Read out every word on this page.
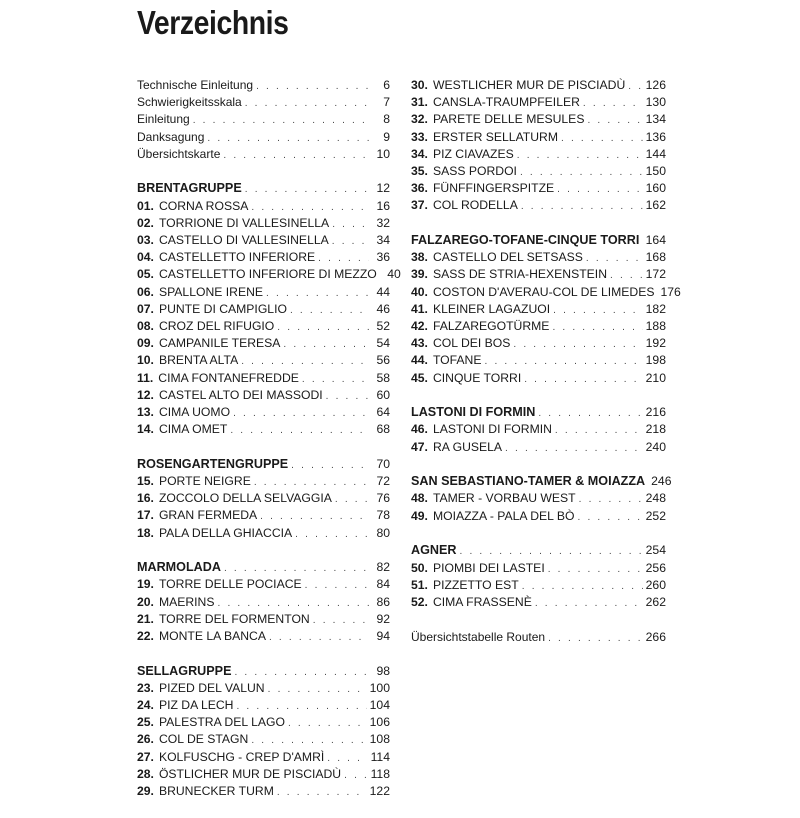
Verzeichnis
Technische Einleitung . . .	6
Schwierigkeitsskala . . .	7
Einleitung . . .	8
Danksagung . . .	9
Übersichtskarte . . .	10
BRENTAGRUPPE . . .	12
01. CORNA ROSSA . . .	16
02. TORRIONE DI VALLESINELLA . . .	32
03. CASTELLO DI VALLESINELLA . . .	34
04. CASTELLETTO INFERIORE . . .	36
05. CASTELLETTO INFERIORE DI MEZZO 40
06. SPALLONE IRENE . . .	44
07. PUNTE DI CAMPIGLIO . . .	46
08. CROZ DEL RIFUGIO . . .	52
09. CAMPANILE TERESA . . .	54
10. BRENTA ALTA . . .	56
11. CIMA FONTANEFREDDE . . .	58
12. CASTEL ALTO DEI MASSODI . . .	60
13. CIMA UOMO . . .	64
14. CIMA OMET . . .	68
ROSENGARTENGRUPPE . . .	70
15. PORTE NEIGRE . . .	72
16. ZOCCOLO DELLA SELVAGGIA . . .	76
17. GRAN FERMEDA . . .	78
18. PALA DELLA GHIACCIA . . .	80
MARMOLADA . . .	82
19. TORRE DELLE POCIACE . . .	84
20. MAERINS . . .	86
21. TORRE DEL FORMENTON . . .	92
22. MONTE LA BANCA . . .	94
SELLAGRUPPE . . .	98
23. PIZED DEL VALUN . . .	100
24. PIZ DA LECH . . .	104
25. PALESTRA DEL LAGO . . .	106
26. COL DE STAGN . . .	108
27. KOLFUSCHG - CREP D'AMRÌ . . .	114
28. ÖSTLICHER MUR DE PISCIADÙ . . . 118
29. BRUNECKER TURM . . .	122
30. WESTLICHER MUR DE PISCIADÙ . . . 126
31. CANSLA-TRAUMPFEILER . . .	130
32. PARETE DELLE MESULES . . .	134
33. ERSTER SELLATURM . . .	136
34. PIZ CIAVAZES . . .	144
35. SASS PORDOI . . .	150
36. FÜNFFINGERSPITZE . . .	160
37. COL RODELLA . . .	162
FALZAREGO-TOFANE-CINQUE TORRI . . . 164
38. CASTELLO DEL SETSASS . . .	168
39. SASS DE STRIA-HEXENSTEIN . . .	172
40. COSTON D'AVERAU-COL DE LIMEDES 176
41. KLEINER LAGAZUOI . . .	182
42. FALZAREGOTÜRME . . .	188
43. COL DEI BOS . . .	192
44. TOFANE . . .	198
45. CINQUE TORRI . . .	210
LASTONI DI FORMIN . . .	216
46. LASTONI DI FORMIN . . .	218
47. RA GUSELA . . .	240
SAN SEBASTIANO-TAMER & MOIAZZA 246
48. TAMER - VORBAU WEST . . .	248
49. MOIAZZA - PALA DEL BÒ . . .	252
AGNER . . .	254
50. PIOMBI DEI LASTEI . . .	256
51. PIZZETTO EST . . .	260
52. CIMA FRASSENÈ . . .	262
Übersichtstabelle Routen . . .	266
